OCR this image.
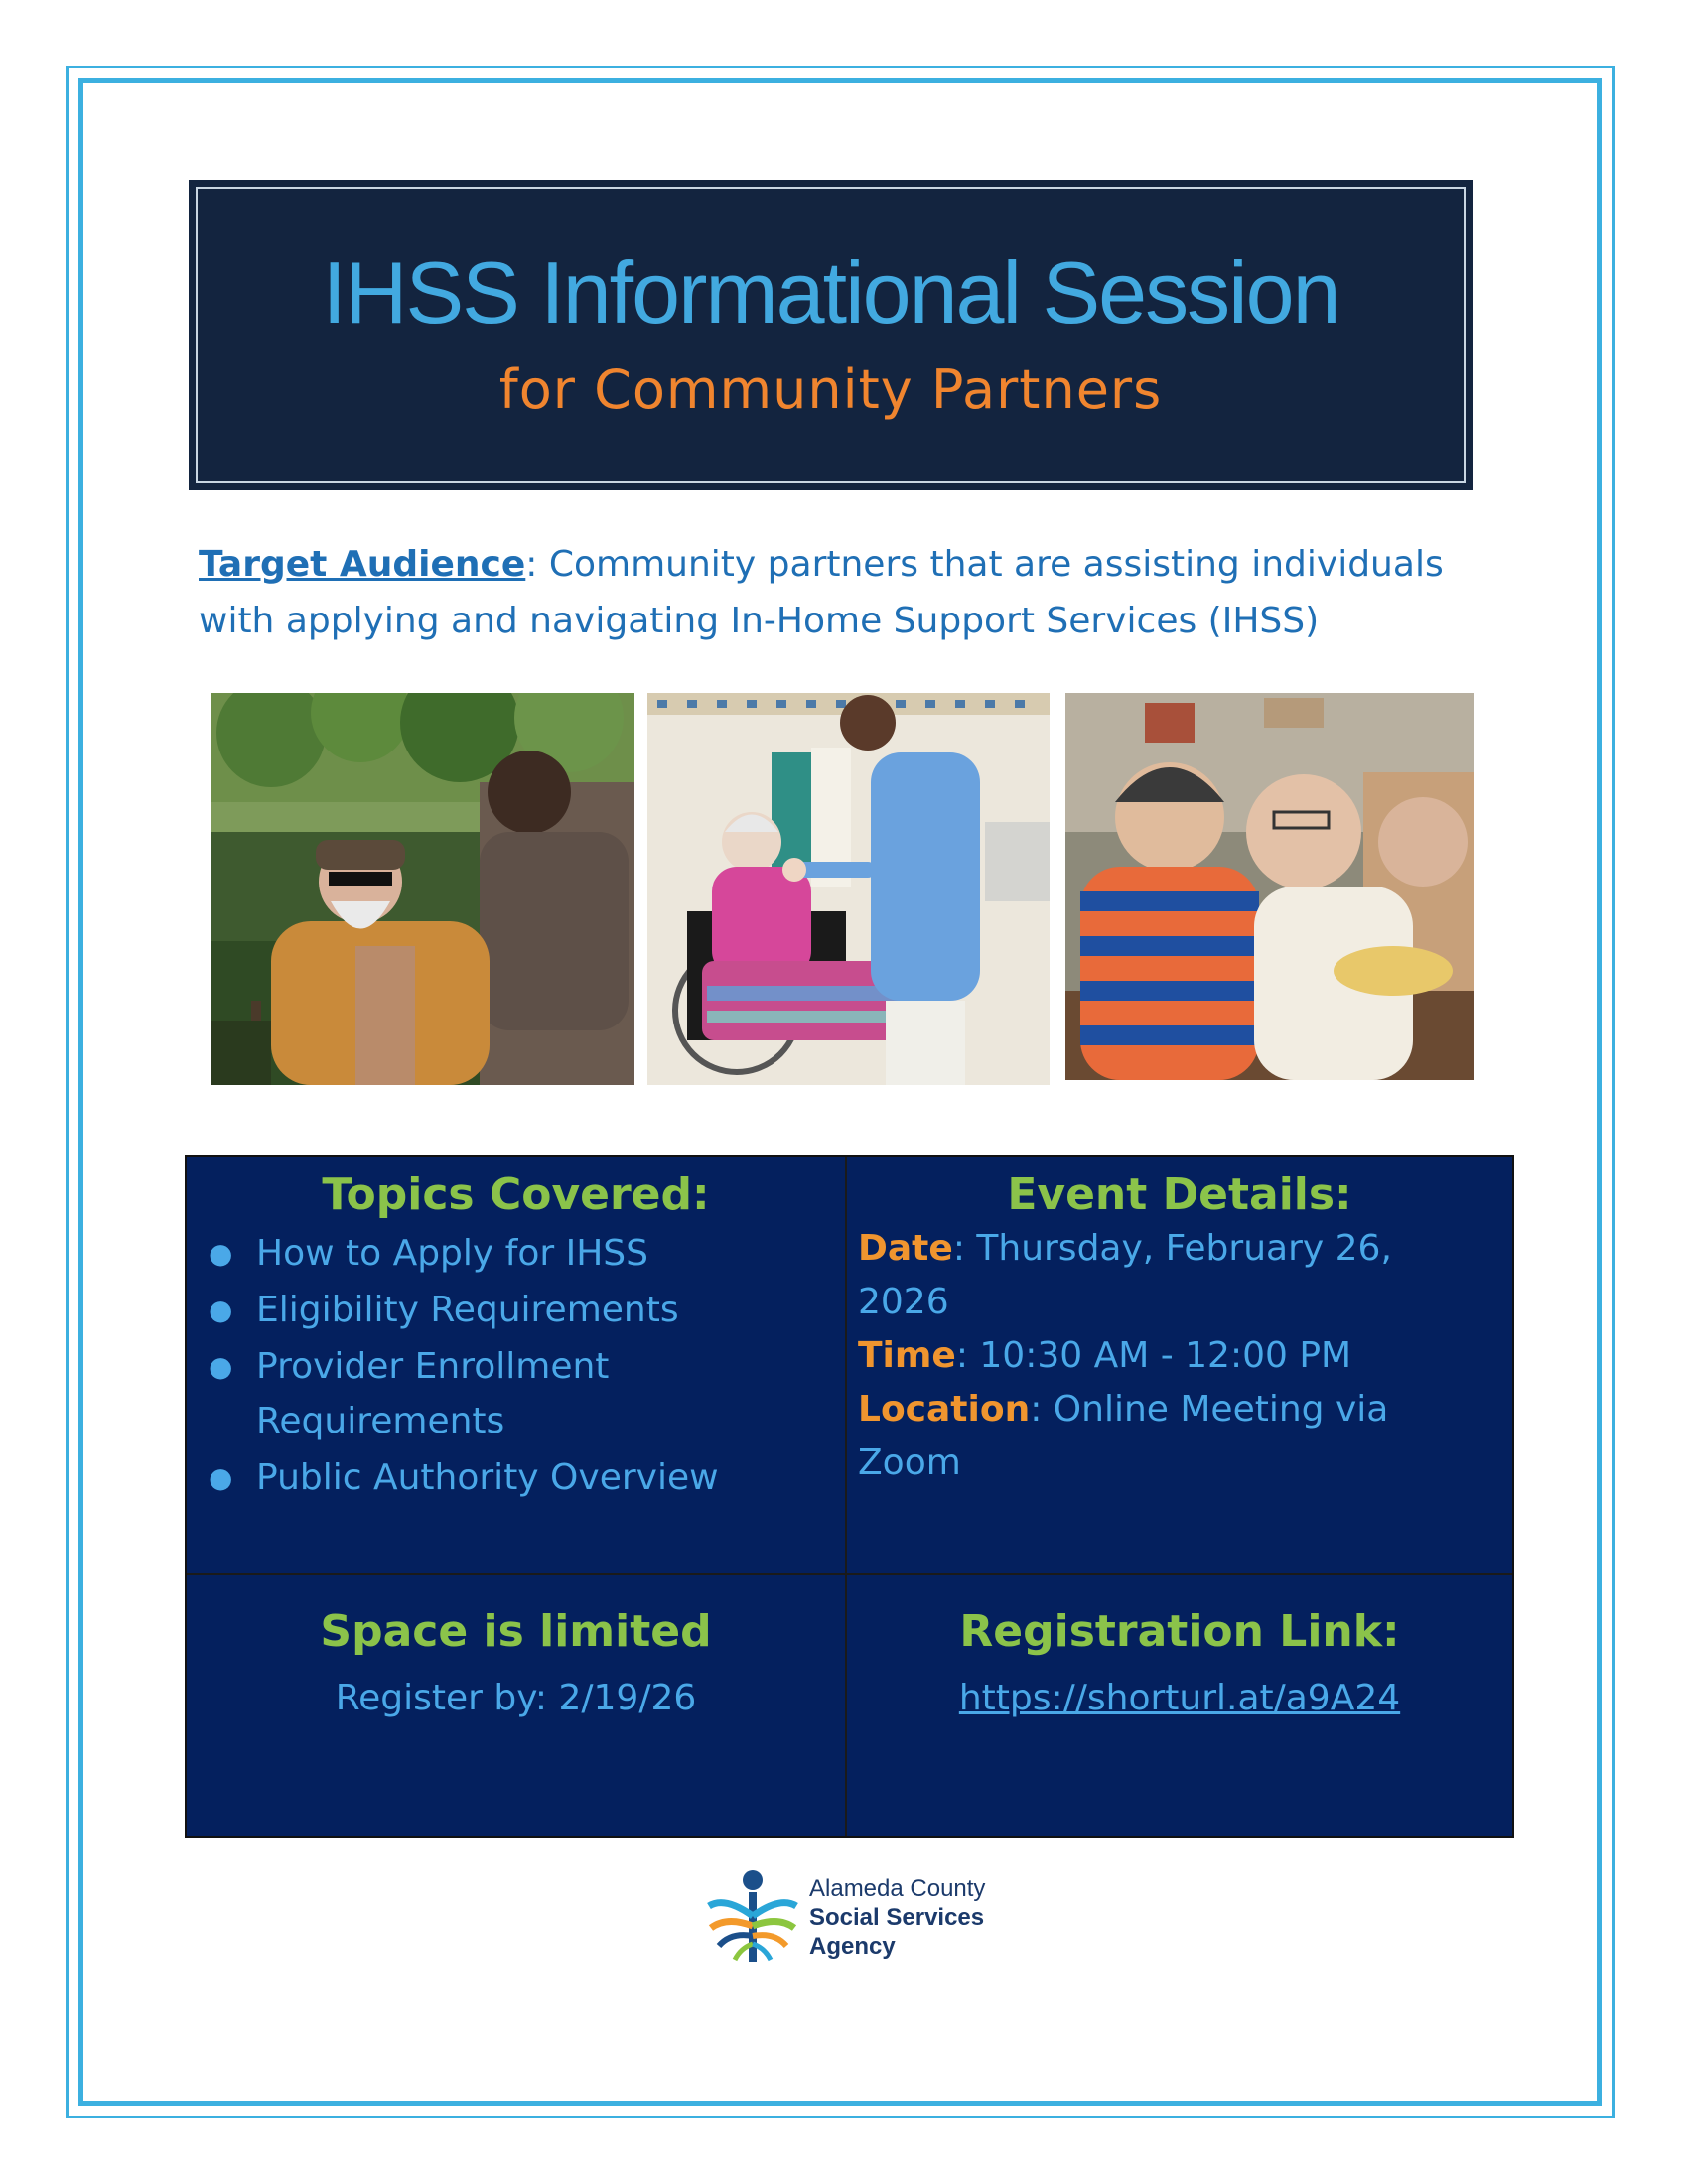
IHSS Informational Session
for Community Partners
Target Audience: Community partners that are assisting individuals
with applying and navigating In-Home Support Services (IHSS)
Topics Covered:
● How to Apply for IHSS
● Eligibility Requirements
● Provider Enrollment
Requirements
● Public Authority Overview
Event Details:
Date: Thursday, February 26,
2026
Time: 10:30 AM - 12:00 PM
Location: Online Meeting via
Zoom
Space is limited
Register by: 2/19/26
Registration Link:
https://shorturl.at/a9A24
Alameda County
Social Services
Agency
